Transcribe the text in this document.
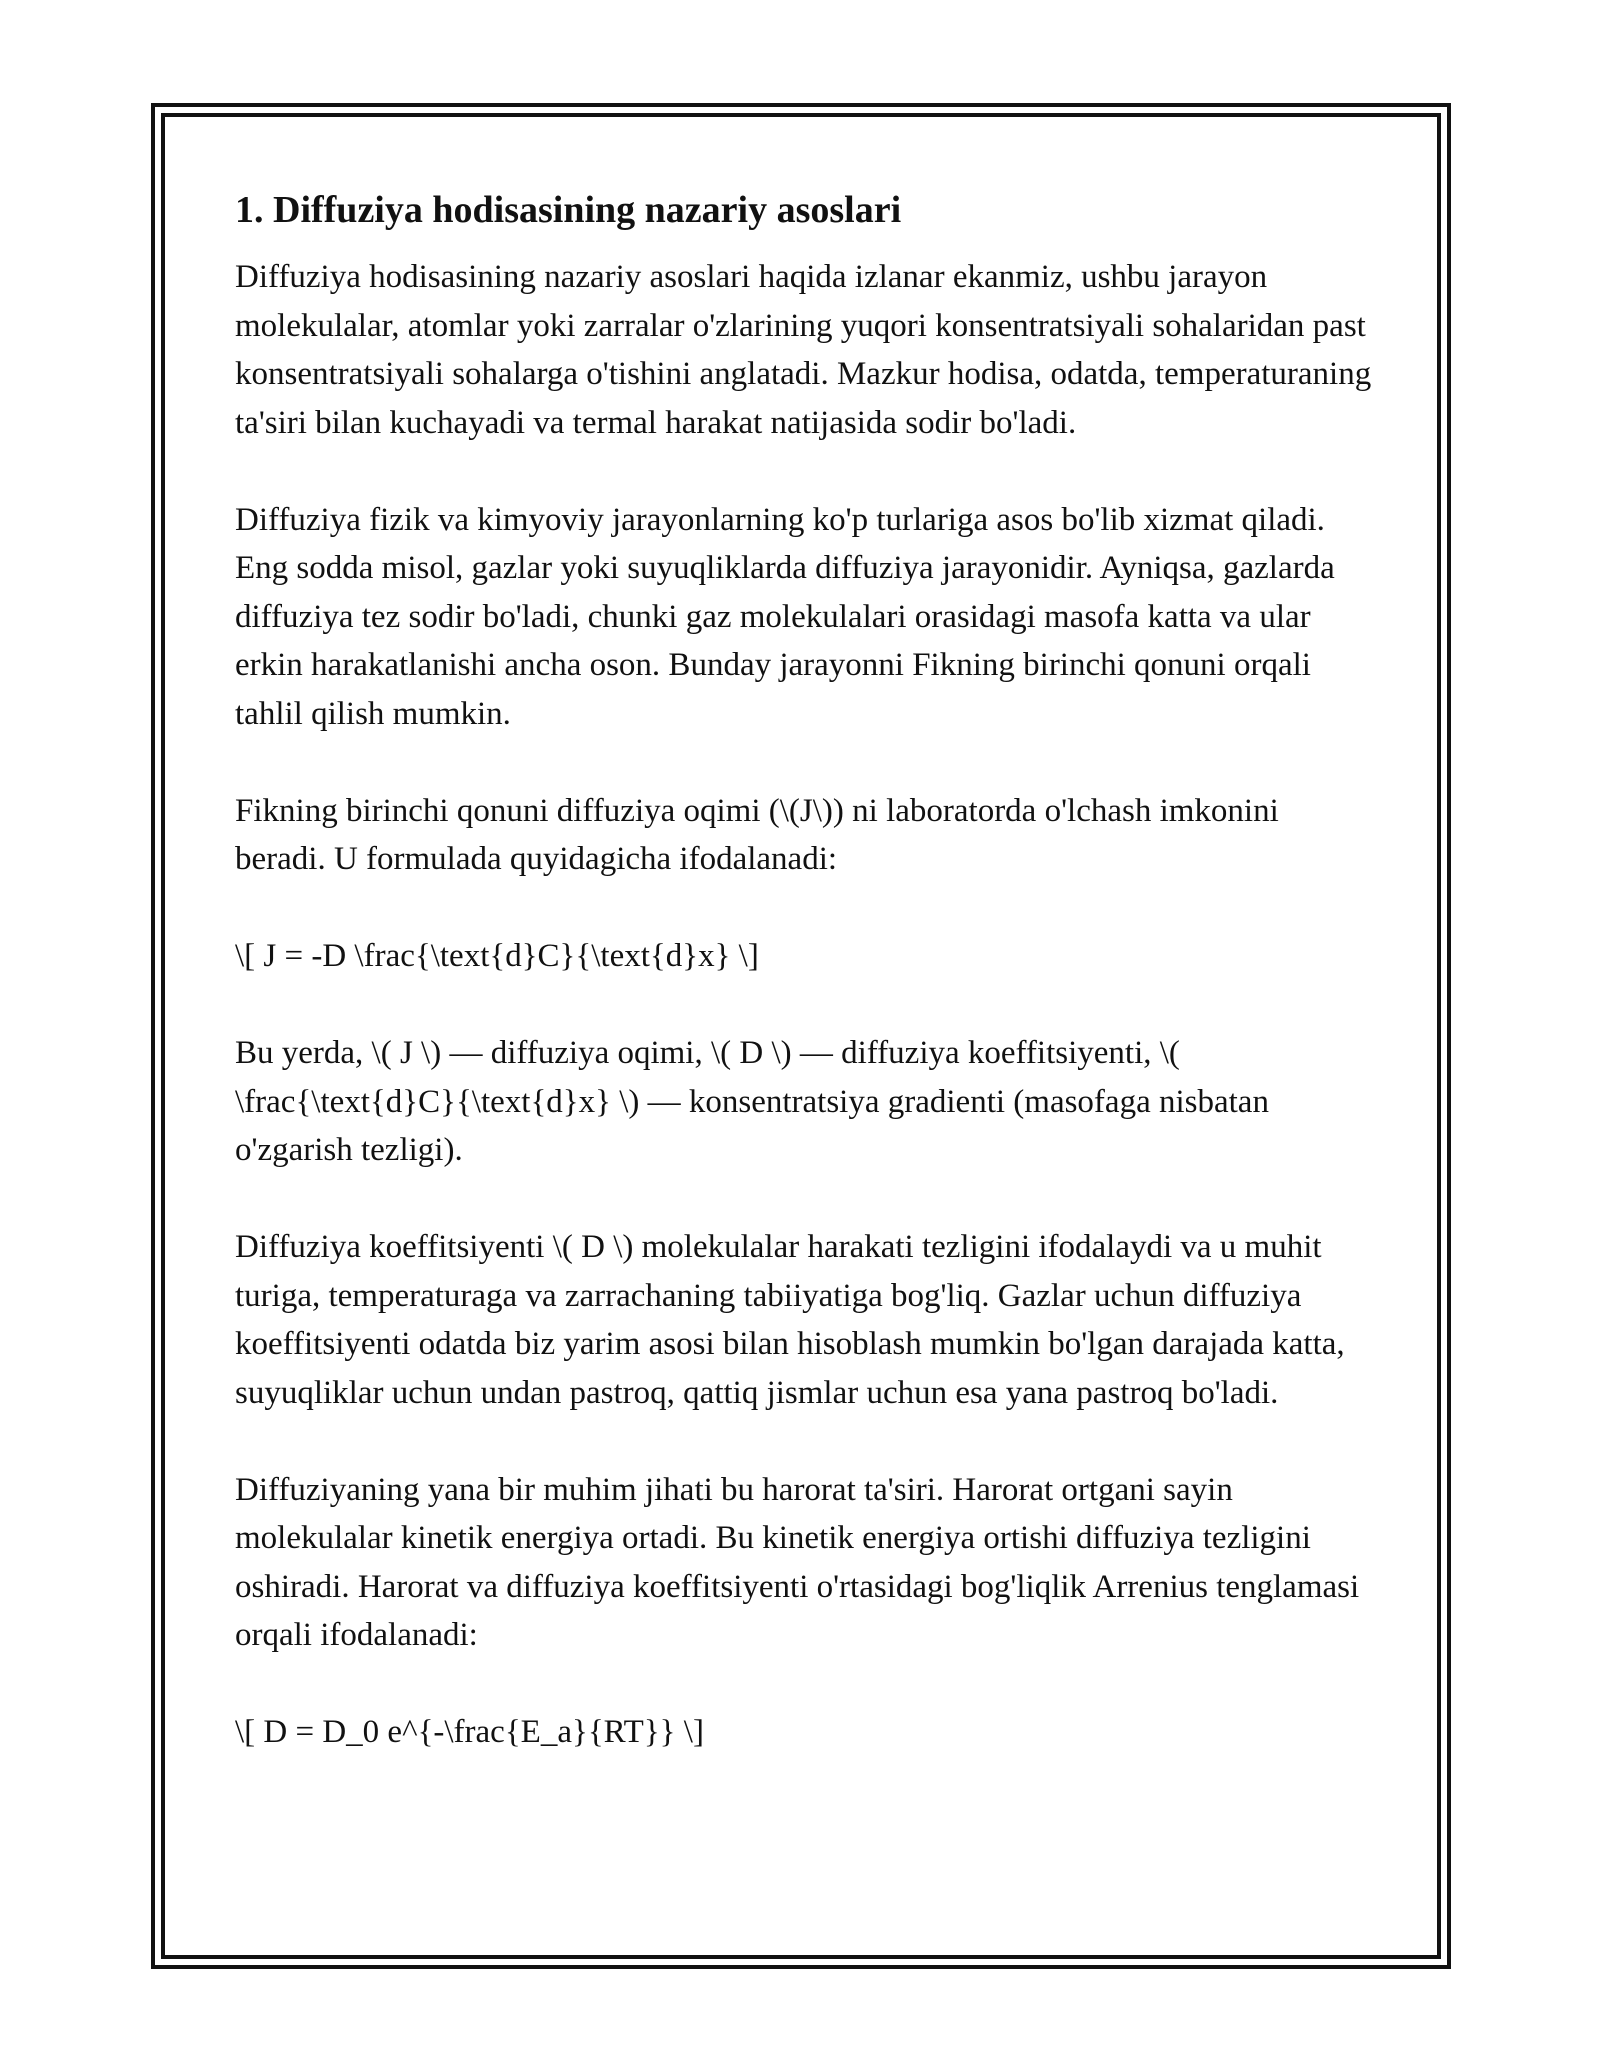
1. Diffuziya hodisasining nazariy asoslari

Diffuziya hodisasining nazariy asoslari haqida izlanar ekanmiz, ushbu jarayon molekulalar, atomlar yoki zarralar o'zlarining yuqori konsentratsiyali sohalaridan past konsentratsiyali sohalarga o'tishini anglatadi. Mazkur hodisa, odatda, temperaturaning ta'siri bilan kuchayadi va termal harakat natijasida sodir bo'ladi.

Diffuziya fizik va kimyoviy jarayonlarning ko'p turlariga asos bo'lib xizmat qiladi. Eng sodda misol, gazlar yoki suyuqliklarda diffuziya jarayonidir. Ayniqsa, gazlarda diffuziya tez sodir bo'ladi, chunki gaz molekulalari orasidagi masofa katta va ular erkin harakatlanishi ancha oson. Bunday jarayonni Fikning birinchi qonuni orqali tahlil qilish mumkin.

Fikning birinchi qonuni diffuziya oqimi (\(J\)) ni laboratorda o'lchash imkonini beradi. U formulada quyidagicha ifodalanadi:

\[ J = -D \frac{\text{d}C}{\text{d}x} \]

Bu yerda, \( J \) — diffuziya oqimi, \( D \) — diffuziya koeffitsiyenti, \( \frac{\text{d}C}{\text{d}x} \) — konsentratsiya gradienti (masofaga nisbatan o'zgarish tezligi).

Diffuziya koeffitsiyenti \( D \) molekulalar harakati tezligini ifodalaydi va u muhit turiga, temperaturaga va zarrachaning tabiiyatiga bog'liq. Gazlar uchun diffuziya koeffitsiyenti odatda biz yarim asosi bilan hisoblash mumkin bo'lgan darajada katta, suyuqliklar uchun undan pastroq, qattiq jismlar uchun esa yana pastroq bo'ladi.

Diffuziyaning yana bir muhim jihati bu harorat ta'siri. Harorat ortgani sayin molekulalar kinetik energiya ortadi. Bu kinetik energiya ortishi diffuziya tezligini oshiradi. Harorat va diffuziya koeffitsiyenti o'rtasidagi bog'liqlik Arrenius tenglamasi orqali ifodalanadi:

\[ D = D_0 e^{-\frac{E_a}{RT}} \]
